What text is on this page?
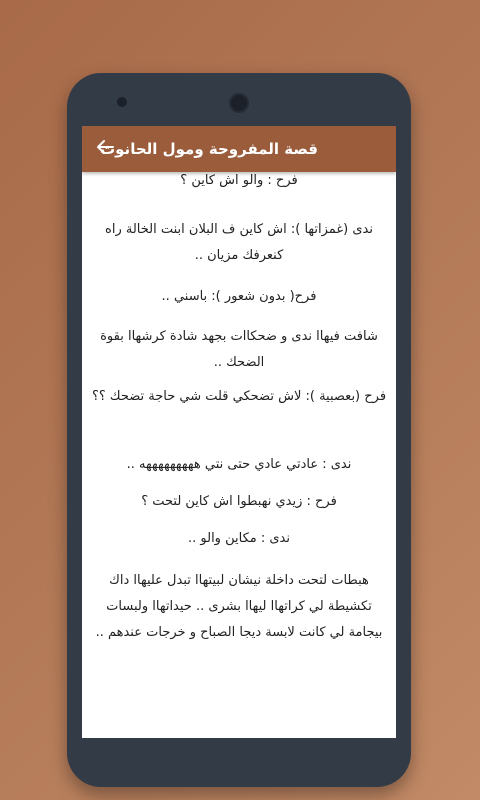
قصة المفروحة ومول الحانوت
فرح : والو اش كاين ؟
ندى (غمزاتها ): اش كاين ف البلان ابنت الخالة راه كنعرفك مزيان ..
فرح( بدون شعور ): باسني ..
شافت فيهاا ندى و ضحكاات بجهد شادة كرشهاا بقوة الضحك ..
فرح (بعصبية ): لاش تضحكي قلت شي حاجة تضحك ؟؟
ندى : عادتي عادي حتى نتي هههههههههه ..
فرح : زيدي نهبطوا اش كاين لتحت ؟
ندى : مكاين والو ..
هبطات لتحت داخلة نيشان لبيتهاا تبدل عليهاا داك تكشيطة لي كراتهاا ليهاا بشرى .. حيداتهاا ولبسات بيجامة لي كانت لابسة ديجا الصباح و خرجات عندهم ..
